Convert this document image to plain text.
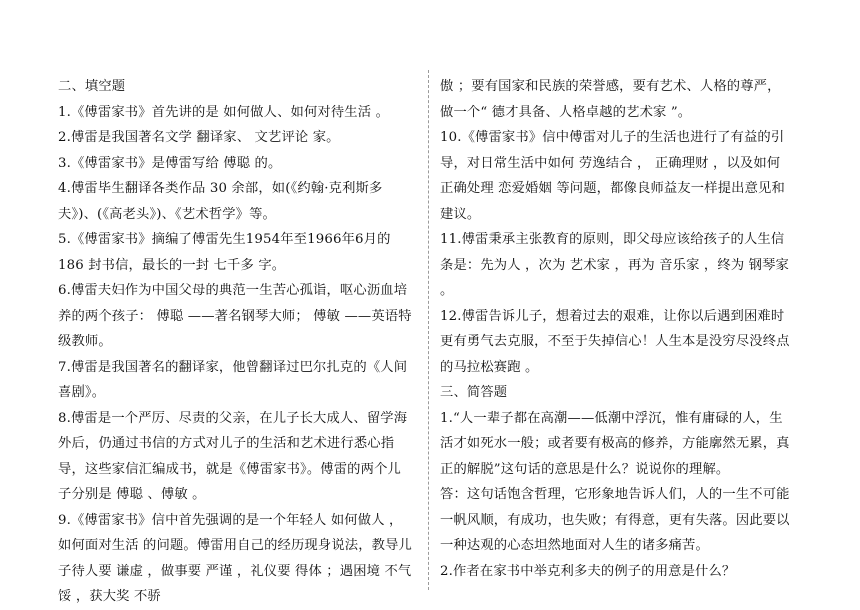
二、填空题

1.《傅雷家书》首先讲的是 如何做人、如何对待生活 。

2.傅雷是我国著名文学 翻译家、 文艺评论 家。

3.《傅雷家书》是傅雷写给 傅聪 的。

4.傅雷毕生翻译各类作品 30 余部，如(《约翰·克利斯多夫》)、(《高老头》)、《艺术哲学》等。

5.《傅雷家书》摘编了傅雷先生1954年至1966年6月的 186 封书信，最长的一封 七千多 字。

6.傅雷夫妇作为中国父母的典范一生苦心孤诣，呕心沥血培养的两个孩子： 傅聪 ——著名钢琴大师； 傅敏 ——英语特级教师。

7.傅雷是我国著名的翻译家，他曾翻译过巴尔扎克的《人间喜剧》。

8.傅雷是一个严厉、尽责的父亲，在儿子长大成人、留学海外后，仍通过书信的方式对儿子的生活和艺术进行悉心指导，这些家信汇编成书，就是《傅雷家书》。傅雷的两个儿子分别是 傅聪 、傅敏 。

9.《傅雷家书》信中首先强调的是一个年轻人 如何做人 ， 如何面对生活 的问题。傅雷用自己的经历现身说法，教导儿子待人要 谦虚 ，做事要 严谨 ，礼仪要 得体 ；遇困境 不气馁 ，获大奖 不骄

傲 ；要有国家和民族的荣誉感，要有艺术、人格的尊严，做一个“ 德才具备、人格卓越的艺术家 ”。

10.《傅雷家书》信中傅雷对儿子的生活也进行了有益的引导，对日常生活中如何 劳逸结合 ， 正确理财 ，以及如何正确处理 恋爱婚姻 等问题，都像良师益友一样提出意见和建议。

11.傅雷秉承主张教育的原则，即父母应该给孩子的人生信条是：先为人 ，次为 艺术家 ，再为 音乐家 ，终为 钢琴家 。

12.傅雷告诉儿子，想着过去的艰难，让你以后遇到困难时更有勇气去克服，不至于失掉信心！人生本是没穷尽没终点的马拉松赛跑 。

三、简答题

1.“人一辈子都在高潮——低潮中浮沉，惟有庸碌的人，生活才如死水一般；或者要有极高的修养，方能廓然无累，真正的解脱”这句话的意思是什么？说说你的理解。

答：这句话饱含哲理，它形象地告诉人们，人的一生不可能一帆风顺，有成功，也失败；有得意，更有失落。因此要以一种达观的心态坦然地面对人生的诸多痛苦。

2.作者在家书中举克利多夫的例子的用意是什么？
